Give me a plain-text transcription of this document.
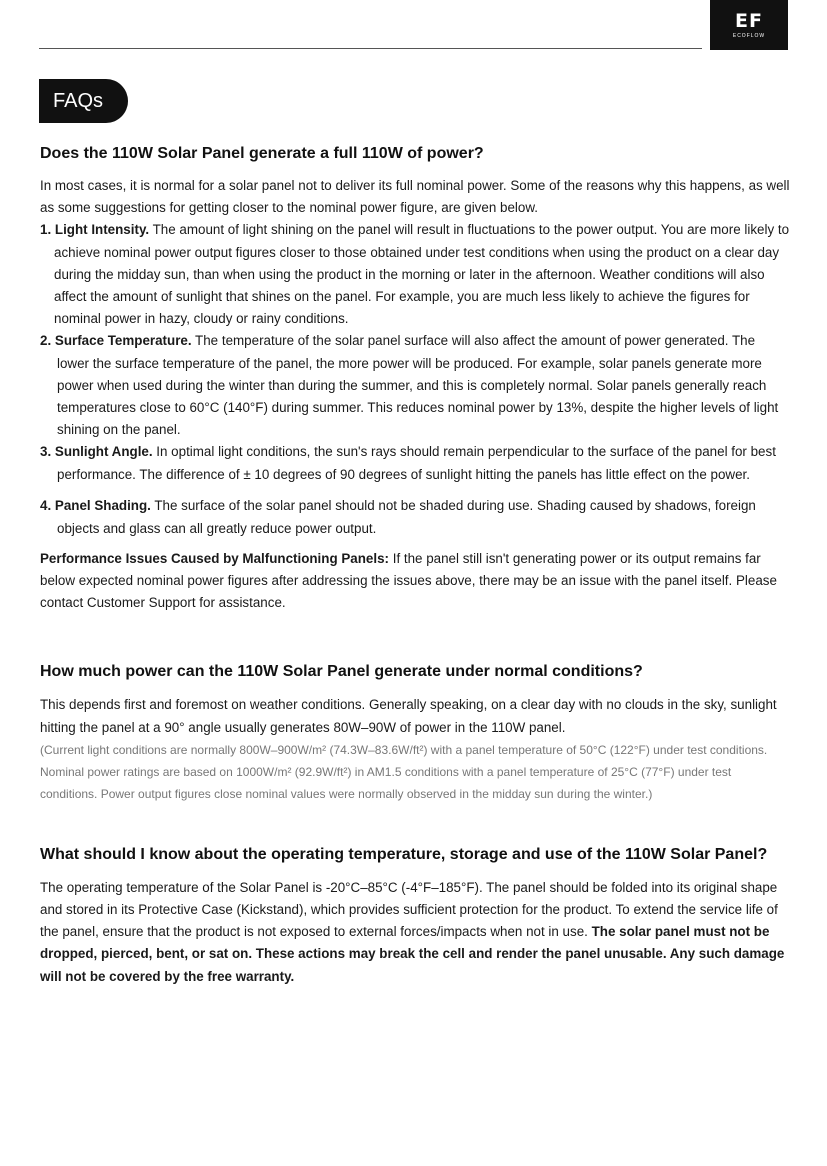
EF
ECOFLOW
FAQs
Does the 110W Solar Panel generate a full 110W of power?

In most cases, it is normal for a solar panel not to deliver its full nominal power. Some of the reasons why this happens, as well as some suggestions for getting closer to the nominal power figure, are given below.

1. Light Intensity. The amount of light shining on the panel will result in fluctuations to the power output. You are more likely to achieve nominal power output figures closer to those obtained under test conditions when using the product on a clear day during the midday sun, than when using the product in the morning or later in the afternoon. Weather conditions will also affect the amount of sunlight that shines on the panel. For example, you are much less likely to achieve the figures for nominal power in hazy, cloudy or rainy conditions.
2. Surface Temperature. The temperature of the solar panel surface will also affect the amount of power generated. The lower the surface temperature of the panel, the more power will be produced. For example, solar panels generate more power when used during the winter than during the summer, and this is completely normal. Solar panels generally reach temperatures close to 60°C (140°F) during summer. This reduces nominal power by 13%, despite the higher levels of light shining on the panel.
3. Sunlight Angle. In optimal light conditions, the sun's rays should remain perpendicular to the surface of the panel for best performance. The difference of ± 10 degrees of 90 degrees of sunlight hitting the panels has little effect on the power.
4. Panel Shading. The surface of the solar panel should not be shaded during use. Shading caused by shadows, foreign objects and glass can all greatly reduce power output.

Performance Issues Caused by Malfunctioning Panels: If the panel still isn't generating power or its output remains far below expected nominal power figures after addressing the issues above, there may be an issue with the panel itself. Please contact Customer Support for assistance.

How much power can the 110W Solar Panel generate under normal conditions?

This depends first and foremost on weather conditions. Generally speaking, on a clear day with no clouds in the sky, sunlight hitting the panel at a 90° angle usually generates 80W–90W of power in the 110W panel.

(Current light conditions are normally 800W–900W/m² (74.3W–83.6W/ft²) with a panel temperature of 50°C (122°F) under test conditions. Nominal power ratings are based on 1000W/m² (92.9W/ft²) in AM1.5 conditions with a panel temperature of 25°C (77°F) under test conditions. Power output figures close nominal values were normally observed in the midday sun during the winter.)

What should I know about the operating temperature, storage and use of the 110W Solar Panel?

The operating temperature of the Solar Panel is -20°C–85°C (-4°F–185°F). The panel should be folded into its original shape and stored in its Protective Case (Kickstand), which provides sufficient protection for the product. To extend the service life of the panel, ensure that the product is not exposed to external forces/impacts when not in use. The solar panel must not be dropped, pierced, bent, or sat on. These actions may break the cell and render the panel unusable. Any such damage will not be covered by the free warranty.
